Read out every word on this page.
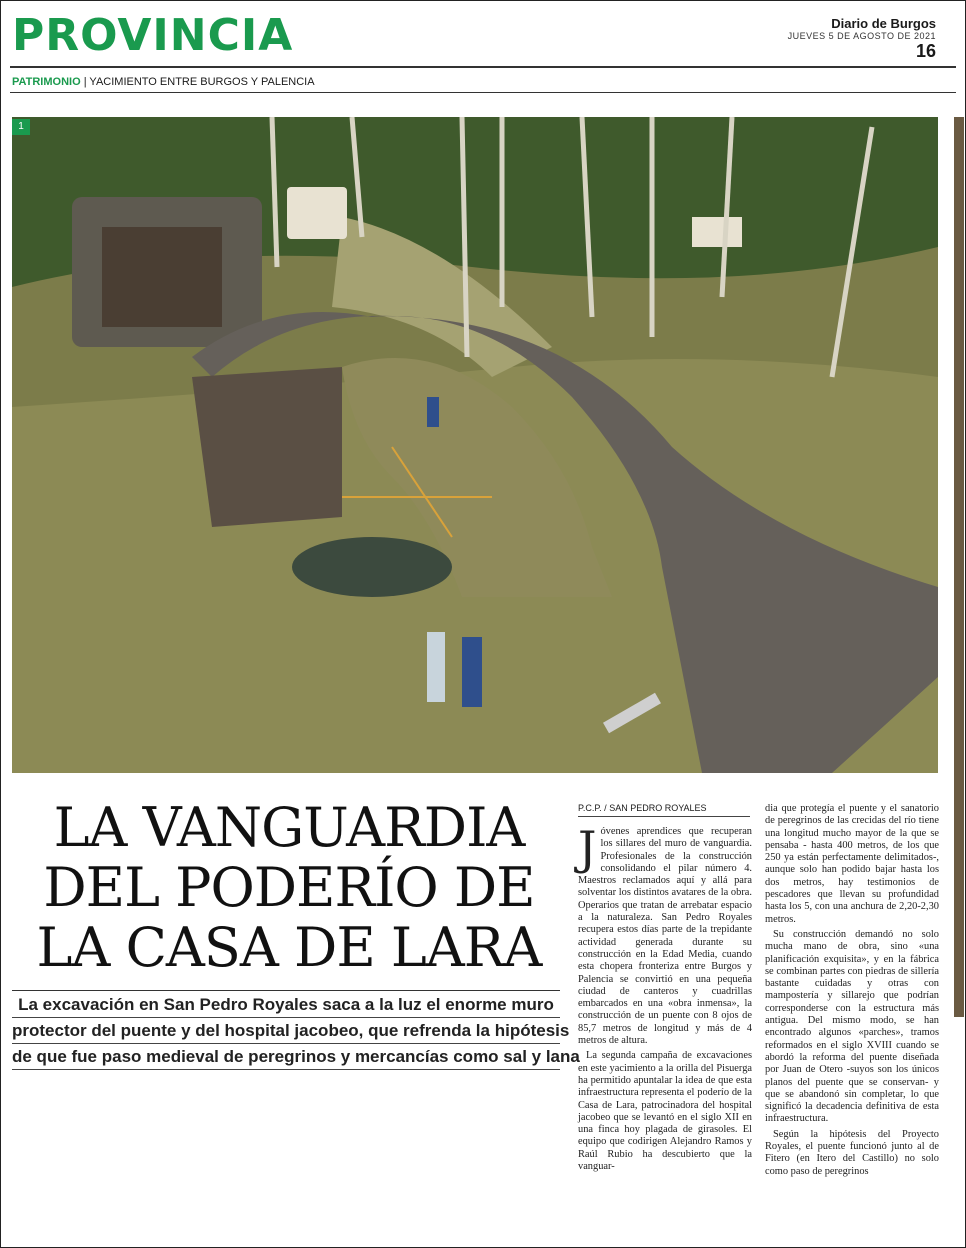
PROVINCIA	Diario de Burgos
JUEVES 5 DE AGOSTO DE 2021
16
PATRIMONIO | YACIMIENTO ENTRE BURGOS Y PALENCIA
1
LA VANGUARDIA
DEL PODERÍO DE
LA CASA DE LARA
La excavación en San Pedro Royales saca a la luz el enorme muro
protector del puente y del hospital jacobeo, que refrenda la hipótesis
de que fue paso medieval de peregrinos y mercancías como sal y lana
P.C.P. / SAN PEDRO ROYALES

Jóvenes aprendices que recuperan los sillares del muro de vanguardia. Profesionales de la construcción consolidando el pilar número 4. Maestros reclamados aquí y allá para solventar los distintos avatares de la obra. Operarios que tratan de arrebatar espacio a la naturaleza. San Pedro Royales recupera estos días parte de la trepidante actividad generada durante su construcción en la Edad Media, cuando esta chopera fronteriza entre Burgos y Palencia se convirtió en una pequeña ciudad de canteros y cuadrillas embarcados en una «obra inmensa», la construcción de un puente con 8 ojos de 85,7 metros de longitud y más de 4 metros de altura.

La segunda campaña de excavaciones en este yacimiento a la orilla del Pisuerga ha permitido apuntalar la idea de que esta infraestructura representa el poderío de la Casa de Lara, patrocinadora del hospital jacobeo que se levantó en el siglo XII en una finca hoy plagada de girasoles. El equipo que codirigen Alejandro Ramos y Raúl Rubio ha descubierto que la vanguar-

dia que protegía el puente y el sanatorio de peregrinos de las crecidas del río tiene una longitud mucho mayor de la que se pensaba - hasta 400 metros, de los que 250 ya están perfectamente delimitados-, aunque solo han podido bajar hasta los dos metros, hay testimonios de pescadores que llevan su profundidad hasta los 5, con una anchura de 2,20-2,30 metros.

Su construcción demandó no solo mucha mano de obra, sino «una planificación exquisita», y en la fábrica se combinan partes con piedras de sillería bastante cuidadas y otras con mampostería y sillarejo que podrían corresponderse con la estructura más antigua. Del mismo modo, se han encontrado algunos «parches», tramos reformados en el siglo XVIII cuando se abordó la reforma del puente diseñada por Juan de Otero -suyos son los únicos planos del puente que se conservan- y que se abandonó sin completar, lo que significó la decadencia definitiva de esta infraestructura.

Según la hipótesis del Proyecto Royales, el puente funcionó junto al de Fitero (en Itero del Castillo) no solo como paso de peregrinos
